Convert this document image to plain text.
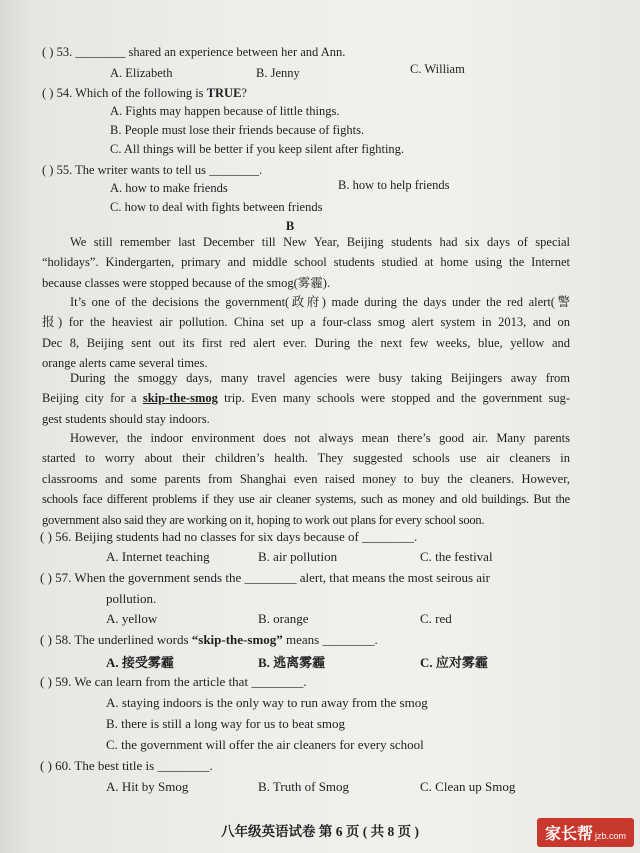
( ) 53. ________ shared an experience between her and Ann.
A. Elizabeth	B. Jenny	C. William
( ) 54. Which of the following is TRUE?
A. Fights may happen because of little things.
B. People must lose their friends because of fights.
C. All things will be better if you keep silent after fighting.
( ) 55. The writer wants to tell us ________.
A. how to make friends	B. how to help friends
C. how to deal with fights between friends
B
We still remember last December till New Year, Beijing students had six days of special
“holidays”. Kindergarten, primary and middle school students studied at home using the Internet
because classes were stopped because of the smog(雾霾).
It’s one of the decisions the government(政府) made during the days under the red alert(警
报) for the heaviest air pollution. China set up a four-class smog alert system in 2013, and on
Dec 8, Beijing sent out its first red alert ever. During the next few weeks, blue, yellow and
orange alerts came several times.
During the smoggy days, many travel agencies were busy taking Beijingers away from
Beijing city for a skip-the-smog trip. Even many schools were stopped and the government sug-
gest students should stay indoors.
However, the indoor environment does not always mean there’s good air. Many parents
started to worry about their children’s health. They suggested schools use air cleaners in
classrooms and some parents from Shanghai even raised money to buy the cleaners. However,
schools face different problems if they use air cleaner systems, such as money and old buildings. But the
government also said they are working on it, hoping to work out plans for every school soon.
( ) 56. Beijing students had no classes for six days because of ________.
A. Internet teaching	B. air pollution	C. the festival
( ) 57. When the government sends the ________ alert, that means the most seirous air
pollution.
A. yellow	B. orange	C. red
( ) 58. The underlined words “skip-the-smog” means ________.
A. 接受雾霾	B. 逃离雾霾	C. 应对雾霾
( ) 59. We can learn from the article that ________.
A. staying indoors is the only way to run away from the smog
B. there is still a long way for us to beat smog
C. the government will offer the air cleaners for every school
( ) 60. The best title is ________.
A. Hit by Smog	B. Truth of Smog	C. Clean up Smog
八年级英语试卷 第 6 页 ( 共 8 页 )	家长帮 jzb.com
